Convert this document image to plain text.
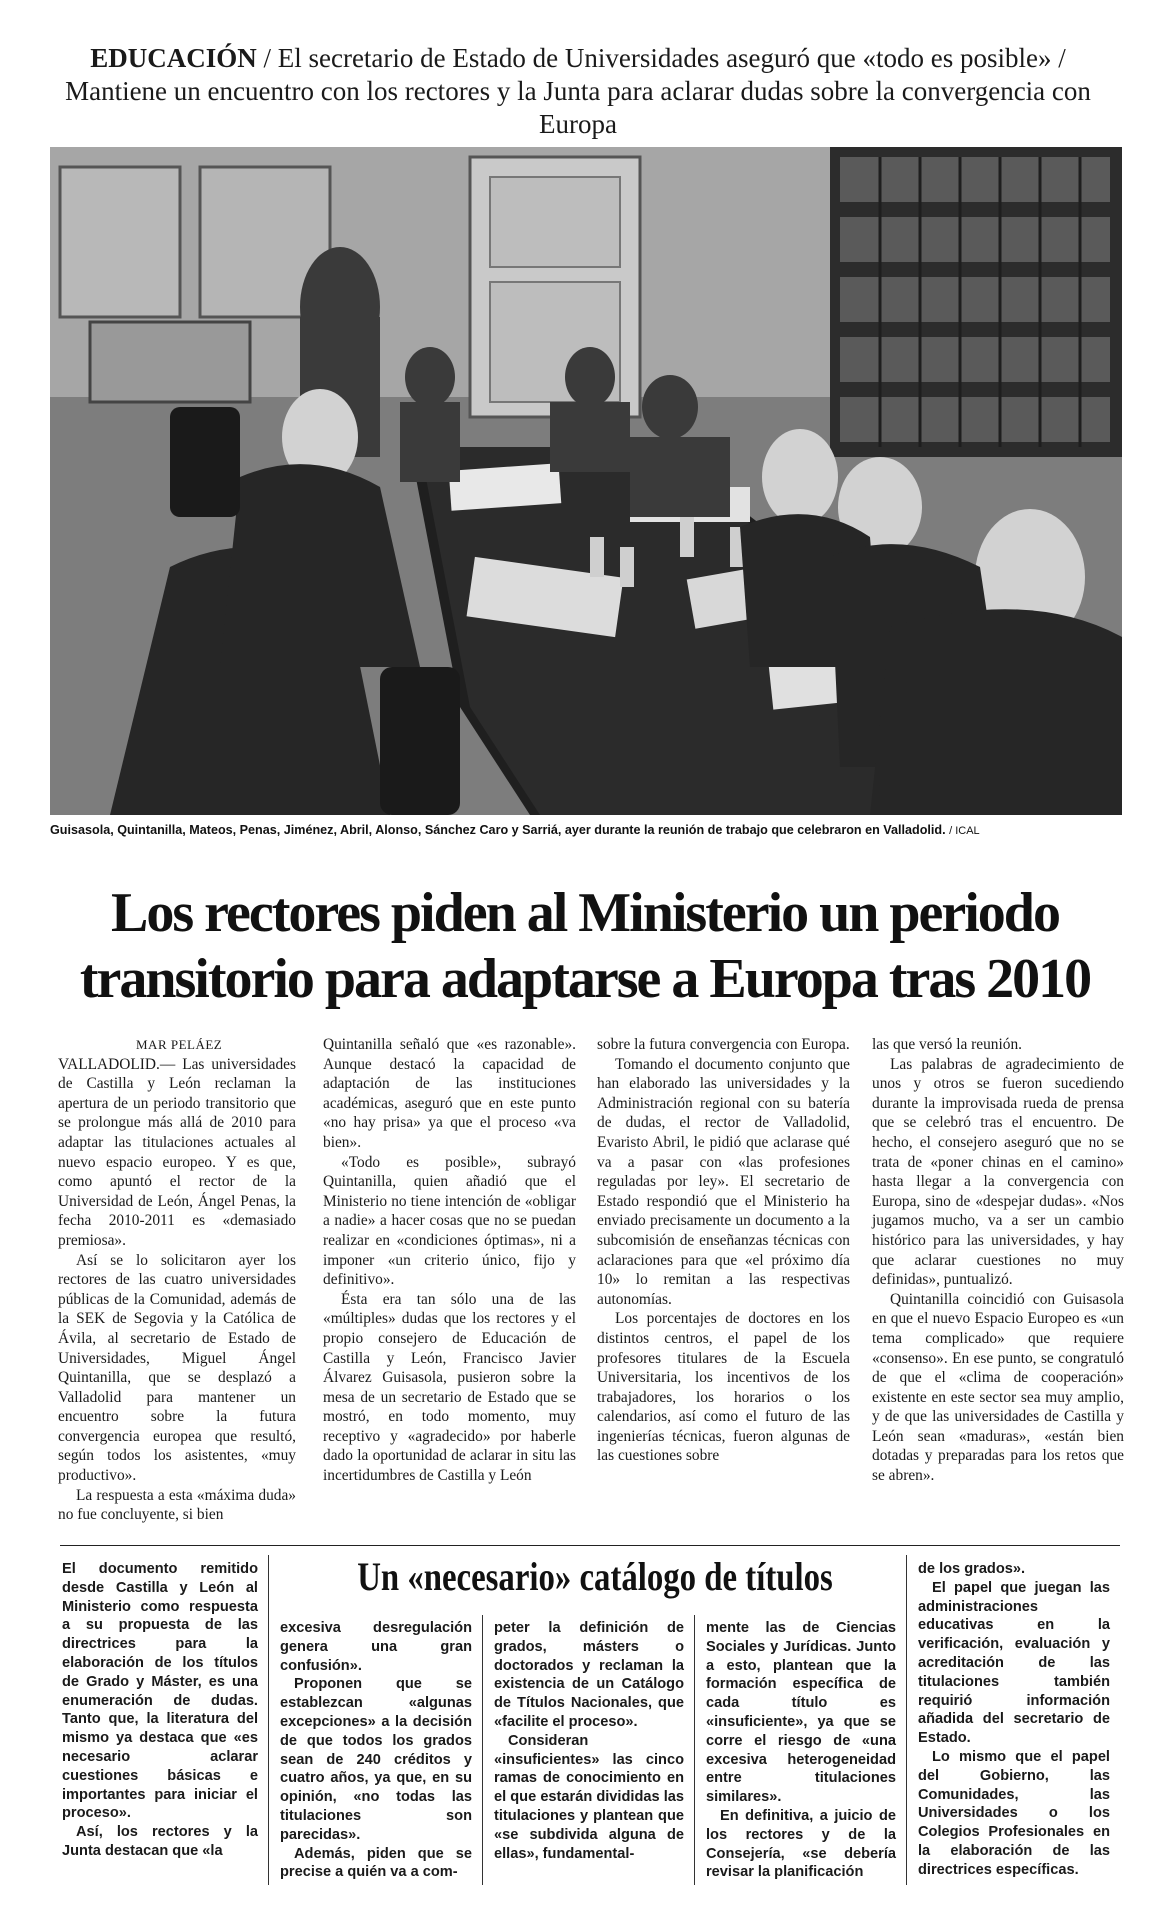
EDUCACIÓN / El secretario de Estado de Universidades aseguró que «todo es posible» / Mantiene un encuentro con los rectores y la Junta para aclarar dudas sobre la convergencia con Europa
Guisasola, Quintanilla, Mateos, Penas, Jiménez, Abril, Alonso, Sánchez Caro y Sarriá, ayer durante la reunión de trabajo que celebraron en Valladolid. / ICAL
Los rectores piden al Ministerio un periodo transitorio para adaptarse a Europa tras 2010

MAR PELÁEZ

VALLADOLID.— Las universidades de Castilla y León reclaman la apertura de un periodo transitorio que se prolongue más allá de 2010 para adaptar las titulaciones actuales al nuevo espacio europeo. Y es que, como apuntó el rector de la Universidad de León, Ángel Penas, la fecha 2010-2011 es «demasiado premiosa».

Así se lo solicitaron ayer los rectores de las cuatro universidades públicas de la Comunidad, además de la SEK de Segovia y la Católica de Ávila, al secretario de Estado de Universidades, Miguel Ángel Quintanilla, que se desplazó a Valladolid para mantener un encuentro sobre la futura convergencia europea que resultó, según todos los asistentes, «muy productivo».

La respuesta a esta «máxima duda» no fue concluyente, si bien

Quintanilla señaló que «es razonable». Aunque destacó la capacidad de adaptación de las instituciones académicas, aseguró que en este punto «no hay prisa» ya que el proceso «va bien».

«Todo es posible», subrayó Quintanilla, quien añadió que el Ministerio no tiene intención de «obligar a nadie» a hacer cosas que no se puedan realizar en «condiciones óptimas», ni a imponer «un criterio único, fijo y definitivo».

Ésta era tan sólo una de las «múltiples» dudas que los rectores y el propio consejero de Educación de Castilla y León, Francisco Javier Álvarez Guisasola, pusieron sobre la mesa de un secretario de Estado que se mostró, en todo momento, muy receptivo y «agradecido» por haberle dado la oportunidad de aclarar in situ las incertidumbres de Castilla y León

sobre la futura convergencia con Europa.

Tomando el documento conjunto que han elaborado las universidades y la Administración regional con su batería de dudas, el rector de Valladolid, Evaristo Abril, le pidió que aclarase qué va a pasar con «las profesiones reguladas por ley». El secretario de Estado respondió que el Ministerio ha enviado precisamente un documento a la subcomisión de enseñanzas técnicas con aclaraciones para que «el próximo día 10» lo remitan a las respectivas autonomías.

Los porcentajes de doctores en los distintos centros, el papel de los profesores titulares de la Escuela Universitaria, los incentivos de los trabajadores, los horarios o los calendarios, así como el futuro de las ingenierías técnicas, fueron algunas de las cuestiones sobre

las que versó la reunión.

Las palabras de agradecimiento de unos y otros se fueron sucediendo durante la improvisada rueda de prensa que se celebró tras el encuentro. De hecho, el consejero aseguró que no se trata de «poner chinas en el camino» hasta llegar a la convergencia con Europa, sino de «despejar dudas». «Nos jugamos mucho, va a ser un cambio histórico para las universidades, y hay que aclarar cuestiones no muy definidas», puntualizó.

Quintanilla coincidió con Guisasola en que el nuevo Espacio Europeo es «un tema complicado» que requiere «consenso». En ese punto, se congratuló de que el «clima de cooperación» existente en este sector sea muy amplio, y de que las universidades de Castilla y León sean «maduras», «están bien dotadas y preparadas para los retos que se abren».

Un «necesario» catálogo de títulos

El documento remitido desde Castilla y León al Ministerio como respuesta a su propuesta de las directrices para la elaboración de los títulos de Grado y Máster, es una enumeración de dudas. Tanto que, la literatura del mismo ya destaca que «es necesario aclarar cuestiones básicas e importantes para iniciar el proceso».

Así, los rectores y la Junta destacan que «la

excesiva desregulación genera una gran confusión».

Proponen que se establezcan «algunas excepciones» a la decisión de que todos los grados sean de 240 créditos y cuatro años, ya que, en su opinión, «no todas las titulaciones son parecidas».

Además, piden que se precise a quién va a com-

peter la definición de grados, másters o doctorados y reclaman la existencia de un Catálogo de Títulos Nacionales, que «facilite el proceso».

Consideran «insuficientes» las cinco ramas de conocimiento en el que estarán divididas las titulaciones y plantean que «se subdivida alguna de ellas», fundamental-

mente las de Ciencias Sociales y Jurídicas. Junto a esto, plantean que la formación específica de cada título es «insuficiente», ya que se corre el riesgo de «una excesiva heterogeneidad entre titulaciones similares».

En definitiva, a juicio de los rectores y de la Consejería, «se debería revisar la planificación

de los grados».

El papel que juegan las administraciones educativas en la verificación, evaluación y acreditación de las titulaciones también requirió información añadida del secretario de Estado.

Lo mismo que el papel del Gobierno, las Comunidades, las Universidades o los Colegios Profesionales en la elaboración de las directrices específicas.
